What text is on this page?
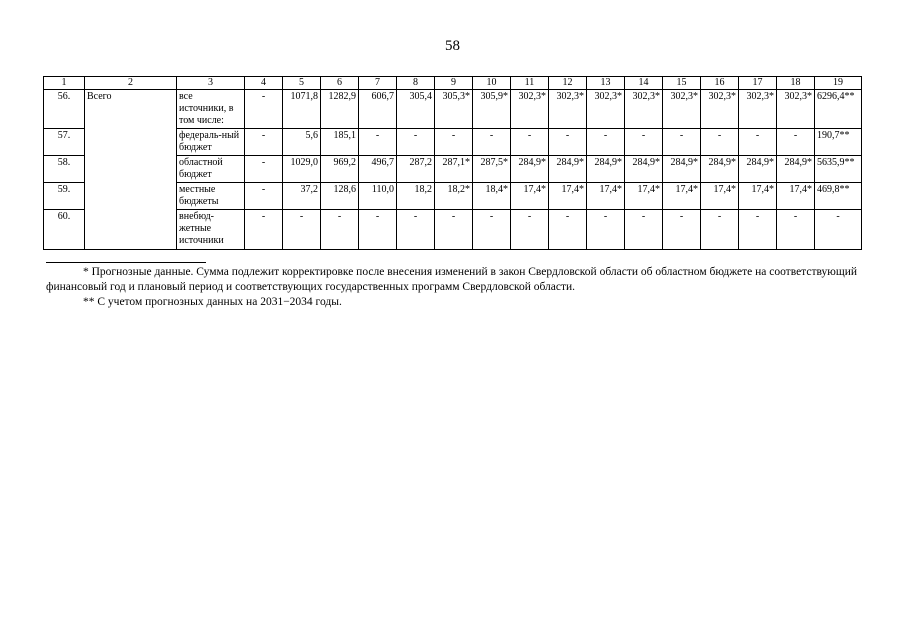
58
1	2	3	4	5	6	7	8	9	10	11	12	13	14	15	16	17	18	19
56.	Всего	все источники, в том числе:	-	1071,8	1282,9	606,7	305,4	305,3*	305,9*	302,3*	302,3*	302,3*	302,3*	302,3*	302,3*	302,3*	302,3*	6296,4**
57.		федераль-ный бюджет	-	5,6	185,1	-	-	-	-	-	-	-	-	-	-	-	-	190,7**
58.		областной бюджет	-	1029,0	969,2	496,7	287,2	287,1*	287,5*	284,9*	284,9*	284,9*	284,9*	284,9*	284,9*	284,9*	284,9*	5635,9**
59.		местные бюджеты	-	37,2	128,6	110,0	18,2	18,2*	18,4*	17,4*	17,4*	17,4*	17,4*	17,4*	17,4*	17,4*	17,4*	469,8**
60.		внебюд-жетные источники	-	-	-	-	-	-	-	-	-	-	-	-	-	-	-	-

* Прогнозные данные. Сумма подлежит корректировке после внесения изменений в закон Свердловской области об областном бюджете на соответствующий финансовый год и плановый период и соответствующих государственных программ Свердловской области.

** С учетом прогнозных данных на 2031−2034 годы.
